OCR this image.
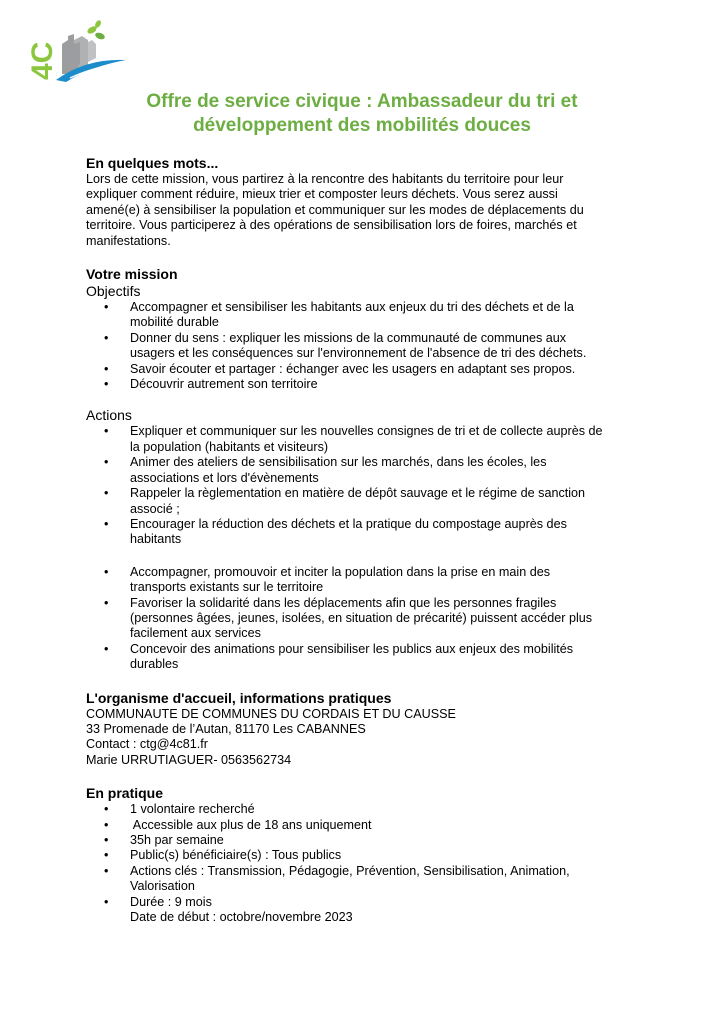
4C
Offre de service civique : Ambassadeur du tri et
développement des mobilités douces
En quelques mots...

Lors de cette mission, vous partirez à la rencontre des habitants du territoire pour leur
expliquer comment réduire, mieux trier et composter leurs déchets. Vous serez aussi
amené(e) à sensibiliser la population et communiquer sur les modes de déplacements du
territoire. Vous participerez à des opérations de sensibilisation lors de foires, marchés et
manifestations.

Votre mission

Objectifs

• Accompagner et sensibiliser les habitants aux enjeux du tri des déchets et de la
mobilité durable
• Donner du sens : expliquer les missions de la communauté de communes aux
usagers et les conséquences sur l'environnement de l'absence de tri des déchets.
• Savoir écouter et partager : échanger avec les usagers en adaptant ses propos.
• Découvrir autrement son territoire

Actions

• Expliquer et communiquer sur les nouvelles consignes de tri et de collecte auprès de
la population (habitants et visiteurs)
• Animer des ateliers de sensibilisation sur les marchés, dans les écoles, les
associations et lors d'évènements
• Rappeler la règlementation en matière de dépôt sauvage et le régime de sanction
associé ;
• Encourager la réduction des déchets et la pratique du compostage auprès des
habitants
• Accompagner, promouvoir et inciter la population dans la prise en main des
transports existants sur le territoire
• Favoriser la solidarité dans les déplacements afin que les personnes fragiles
(personnes âgées, jeunes, isolées, en situation de précarité) puissent accéder plus
facilement aux services
• Concevoir des animations pour sensibiliser les publics aux enjeux des mobilités
durables
L'organisme d'accueil, informations pratiques

COMMUNAUTE DE COMMUNES DU CORDAIS ET DU CAUSSE
33 Promenade de l’Autan, 81170 Les CABANNES
Contact : ctg@4c81.fr
Marie URRUTIAGUER- 0563562734

En pratique
• 1 volontaire recherché
•  Accessible aux plus de 18 ans uniquement
• 35h par semaine
• Public(s) bénéficiaire(s) : Tous publics
• Actions clés : Transmission, Pédagogie, Prévention, Sensibilisation, Animation,
Valorisation
• Durée : 9 mois
Date de début : octobre/novembre 2023
